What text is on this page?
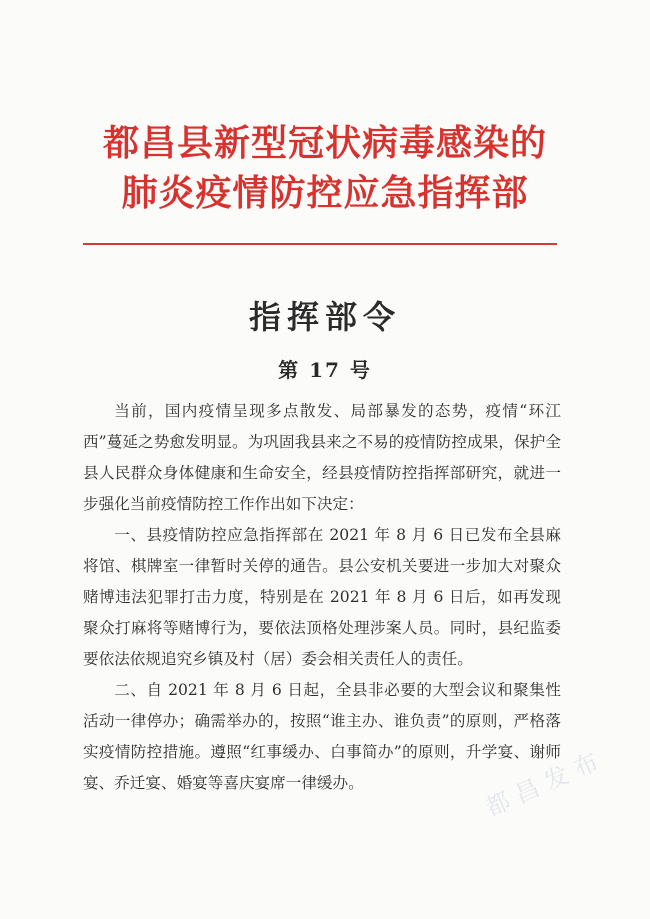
都昌县新型冠状病毒感染的
肺炎疫情防控应急指挥部
指挥部令
第 17 号

当前，国内疫情呈现多点散发、局部暴发的态势，疫情“环江西”蔓延之势愈发明显。为巩固我县来之不易的疫情防控成果，保护全县人民群众身体健康和生命安全，经县疫情防控指挥部研究，就进一步强化当前疫情防控工作作出如下决定：

一、县疫情防控应急指挥部在 2021 年 8 月 6 日已发布全县麻将馆、棋牌室一律暂时关停的通告。县公安机关要进一步加大对聚众赌博违法犯罪打击力度，特别是在 2021 年 8 月 6 日后，如再发现聚众打麻将等赌博行为，要依法顶格处理涉案人员。同时，县纪监委要依法依规追究乡镇及村（居）委会相关责任人的责任。

二、自 2021 年 8 月 6 日起，全县非必要的大型会议和聚集性活动一律停办；确需举办的，按照“谁主办、谁负责”的原则，严格落实疫情防控措施。遵照“红事缓办、白事简办”的原则，升学宴、谢师宴、乔迁宴、婚宴等喜庆宴席一律缓办。	都昌发布
